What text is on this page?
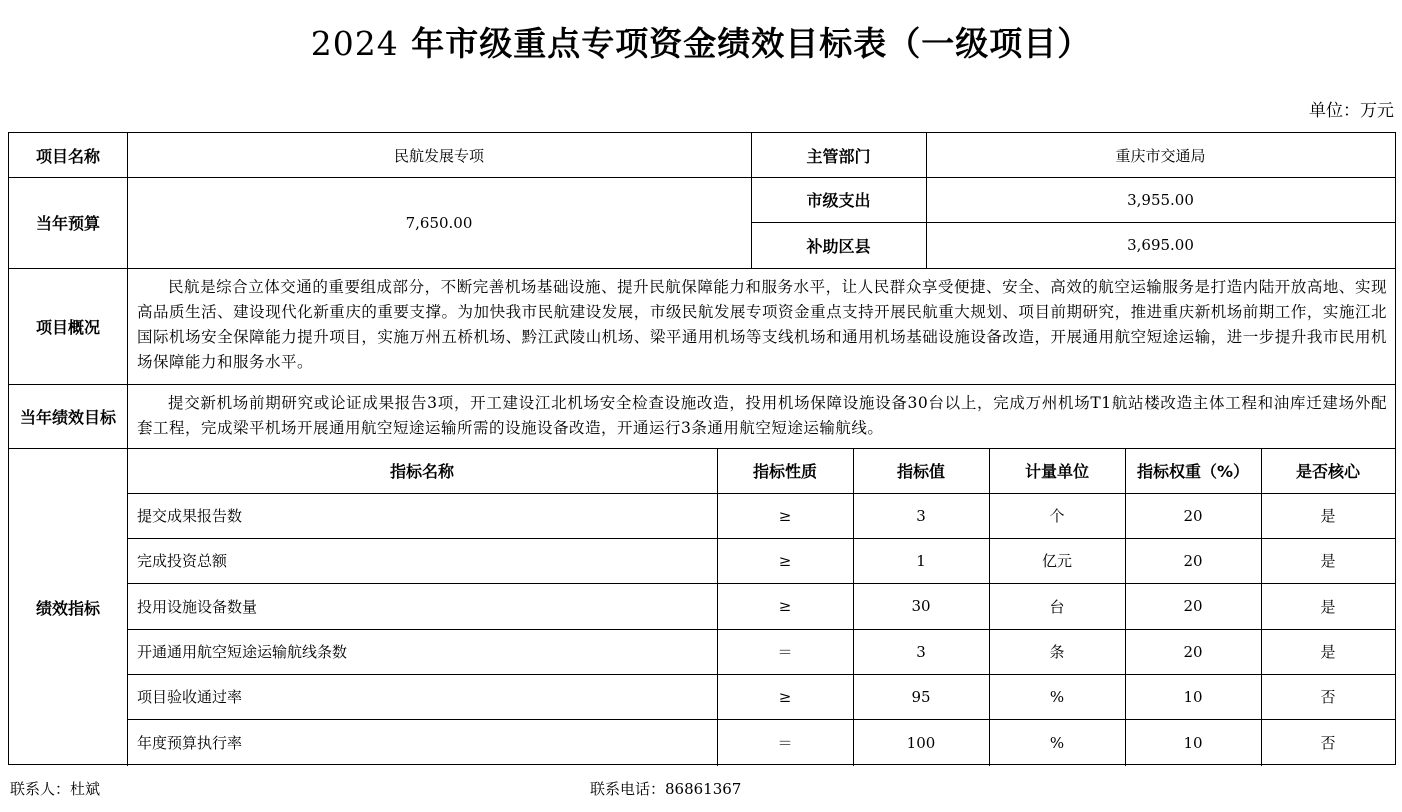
2024 年市级重点专项资金绩效目标表（一级项目）
单位：万元
项目名称	民航发展专项	主管部门	重庆市交通局
当年预算	7,650.00
市级支出	3,955.00
补助区县	3,695.00
项目概况
民航是综合立体交通的重要组成部分，不断完善机场基础设施、提升民航保障能力和服务水平，让人民群众享受便捷、安全、高效的航空运输服务是打造内陆开放高地、实现高品质生活、建设现代化新重庆的重要支撑。为加快我市民航建设发展，市级民航发展专项资金重点支持开展民航重大规划、项目前期研究，推进重庆新机场前期工作，实施江北国际机场安全保障能力提升项目，实施万州五桥机场、黔江武陵山机场、梁平通用机场等支线机场和通用机场基础设施设备改造，开展通用航空短途运输，进一步提升我市民用机场保障能力和服务水平。
当年绩效目标
提交新机场前期研究或论证成果报告3项，开工建设江北机场安全检查设施改造，投用机场保障设施设备30台以上，完成万州机场T1航站楼改造主体工程和油库迁建场外配套工程，完成梁平机场开展通用航空短途运输所需的设施设备改造，开通运行3条通用航空短途运输航线。
绩效指标
指标名称	指标性质	指标值	计量单位	指标权重（%）	是否核心
提交成果报告数	≥	3	个	20	是
完成投资总额	≥	1	亿元	20	是
投用设施设备数量	≥	30	台	20	是
开通通用航空短途运输航线条数	＝	3	条	20	是
项目验收通过率	≥	95	%	10	否
年度预算执行率	＝	100	%	10	否
联系人：杜斌	联系电话：86861367
